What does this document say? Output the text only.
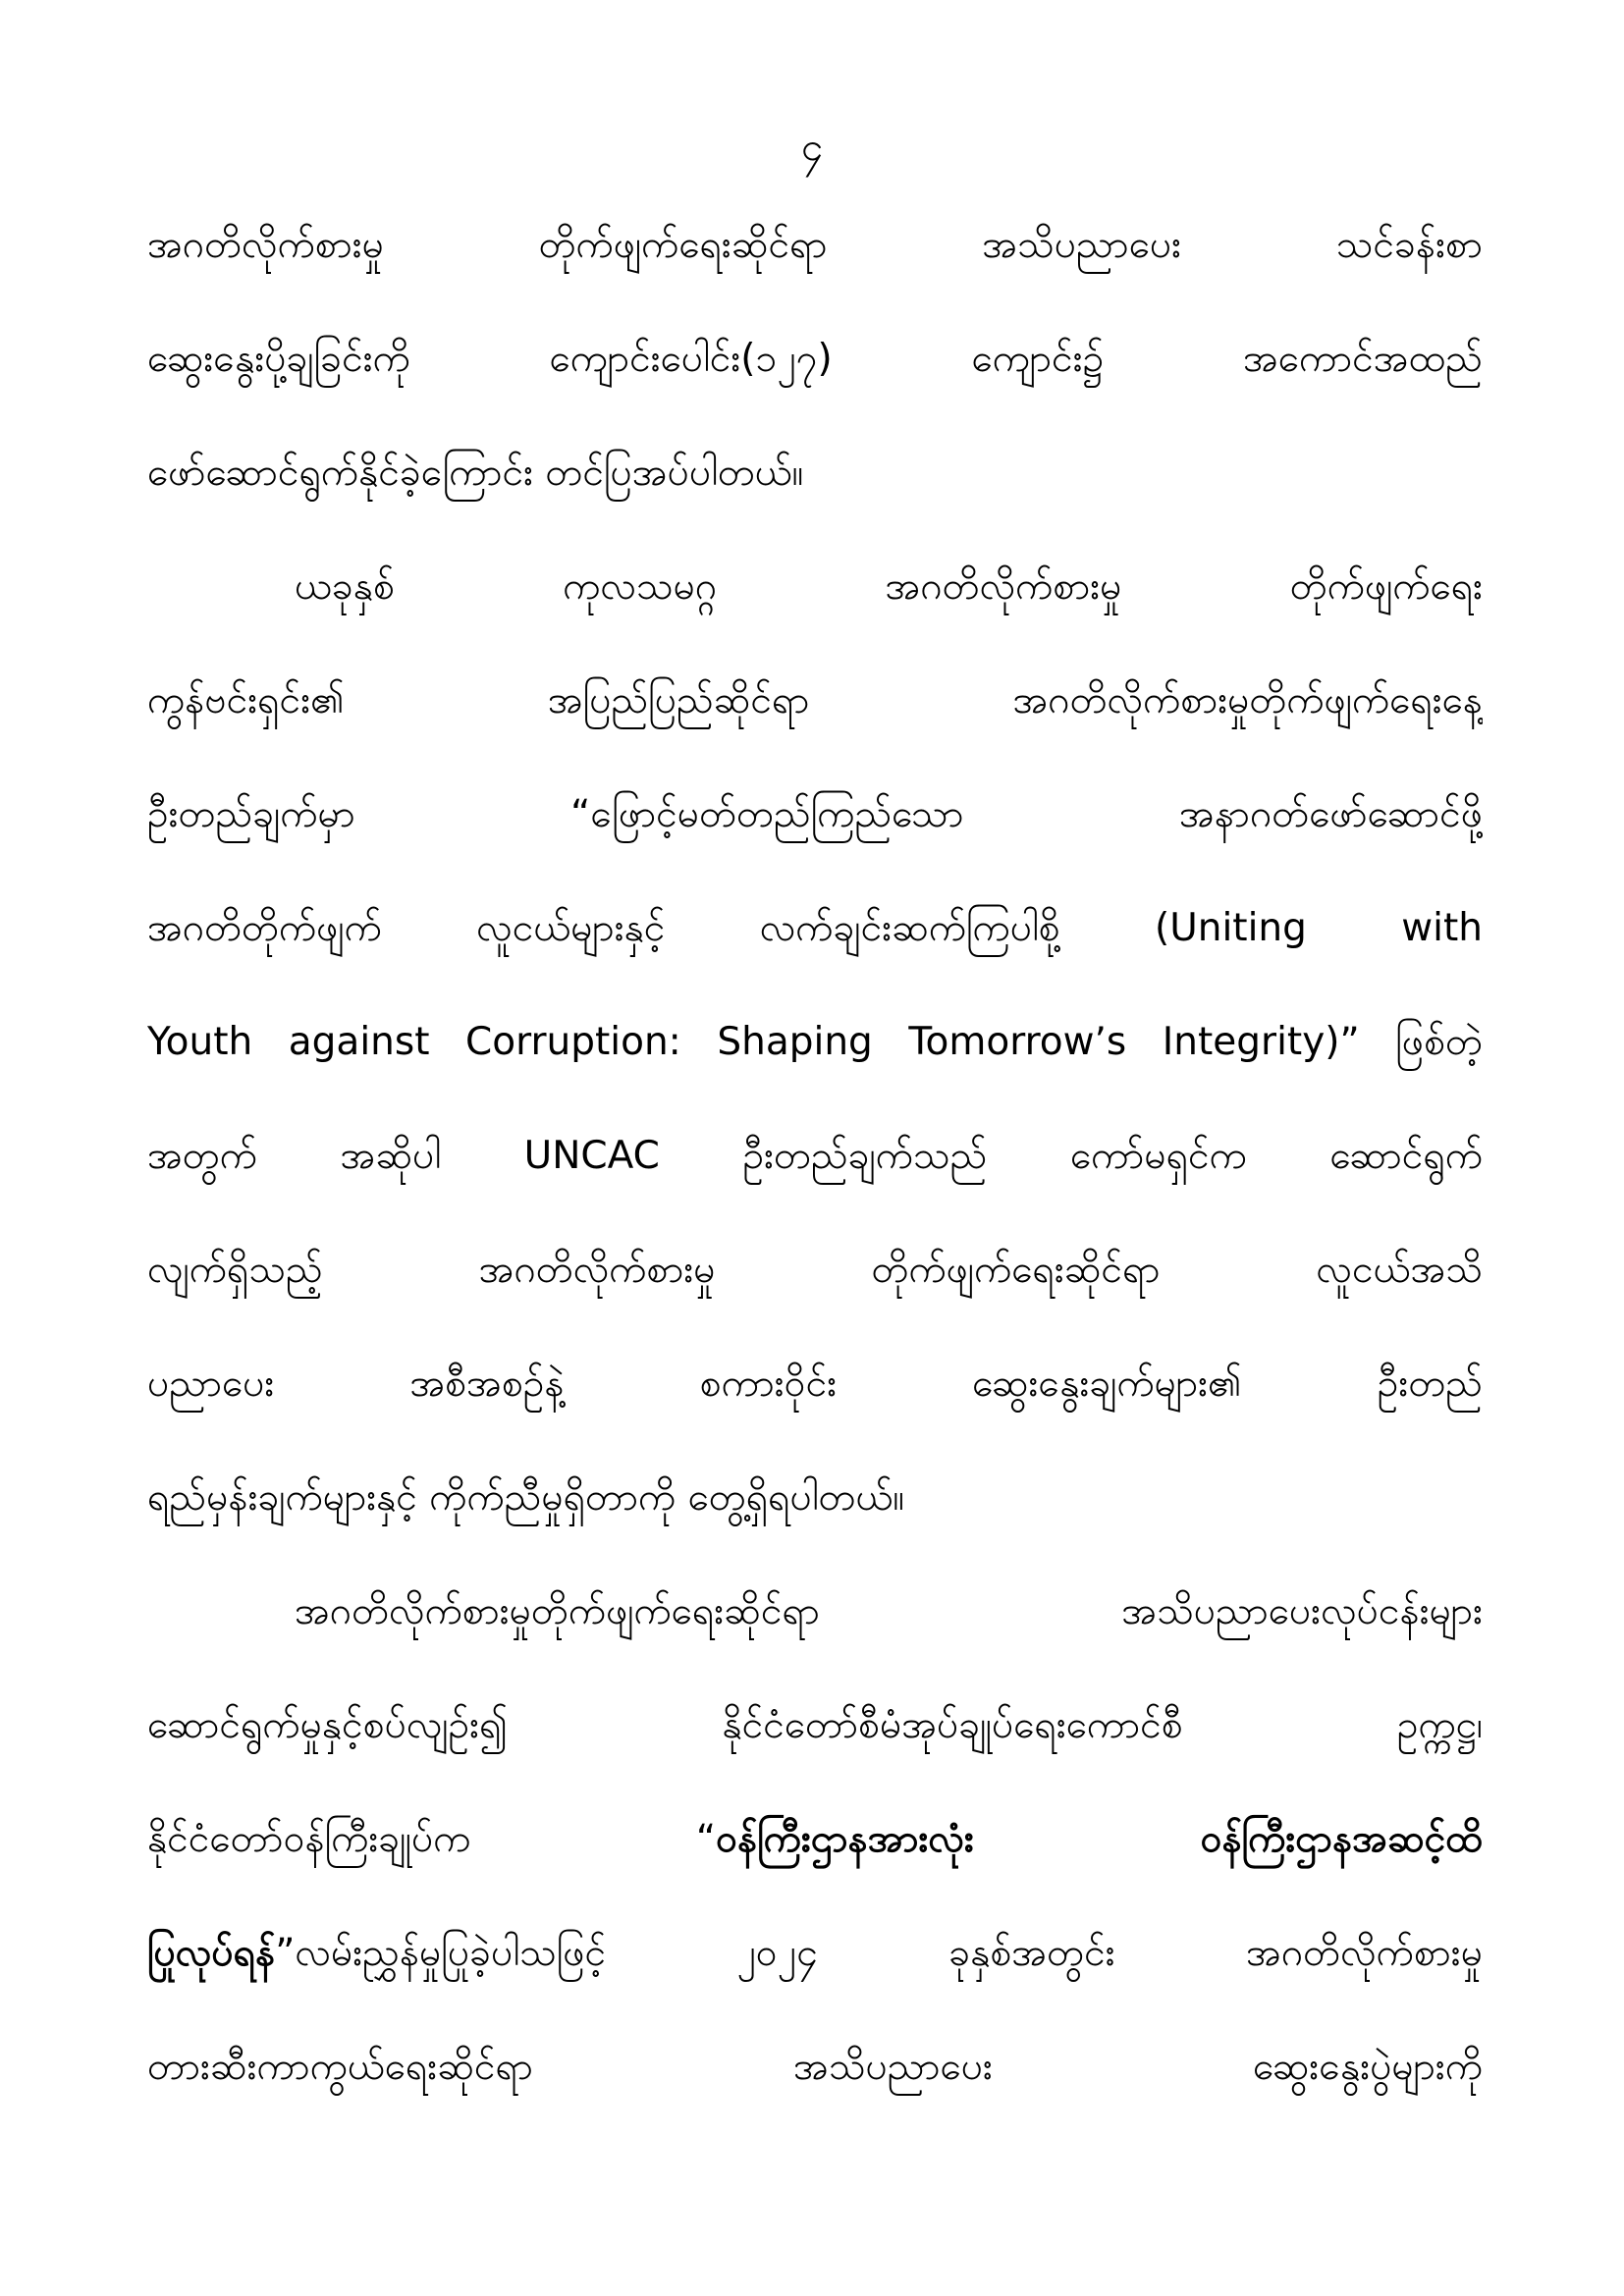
၄
အဂတိလိုက်စားမှု တိုက်ဖျက်ရေးဆိုင်ရာ အသိပညာပေး သင်ခန်းစာ
ဆွေးနွေးပို့ချခြင်းကို ကျောင်းပေါင်း(၁၂၇) ကျောင်း၌ အကောင်အထည်
ဖော်ဆောင်ရွက်နိုင်ခဲ့ကြောင်း တင်ပြအပ်ပါတယ်။
ယခုနှစ် ကုလသမဂ္ဂ အဂတိလိုက်စားမှု တိုက်ဖျက်ရေး
ကွန်ဗင်းရှင်း၏ အပြည်ပြည်ဆိုင်ရာ အဂတိလိုက်စားမှုတိုက်ဖျက်ရေးနေ့
ဦးတည်ချက်မှာ “ဖြောင့်မတ်တည်ကြည်သော အနာဂတ်ဖော်ဆောင်ဖို့
အဂတိတိုက်ဖျက် လူငယ်များနှင့် လက်ချင်းဆက်ကြပါစို့ (Uniting with
Youth against Corruption: Shaping Tomorrow’s Integrity)” ဖြစ်တဲ့
အတွက် အဆိုပါ UNCAC ဦးတည်ချက်သည် ကော်မရှင်က ဆောင်ရွက်
လျက်ရှိသည့် အဂတိလိုက်စားမှု တိုက်ဖျက်ရေးဆိုင်ရာ လူငယ်အသိ
ပညာပေး အစီအစဉ်နဲ့ စကားဝိုင်း ဆွေးနွေးချက်များ၏ ဦးတည်
ရည်မှန်းချက်များနှင့် ကိုက်ညီမှုရှိတာကို တွေ့ရှိရပါတယ်။
အဂတိလိုက်စားမှုတိုက်ဖျက်ရေးဆိုင်ရာ အသိပညာပေးလုပ်ငန်းများ
ဆောင်ရွက်မှုနှင့်စပ်လျဉ်း၍ နိုင်ငံတော်စီမံအုပ်ချုပ်ရေးကောင်စီ ဥက္ကဋ္ဌ၊
နိုင်ငံတော်ဝန်ကြီးချုပ်က “ဝန်ကြီးဌာနအားလုံး ဝန်ကြီးဌာနအဆင့်ထိ
ပြုလုပ်ရန်”လမ်းညွှန်မှုပြုခဲ့ပါသဖြင့် ၂၀၂၄ ခုနှစ်အတွင်း အဂတိလိုက်စားမှု
တားဆီးကာကွယ်ရေးဆိုင်ရာ အသိပညာပေး ဆွေးနွေးပွဲများကို
